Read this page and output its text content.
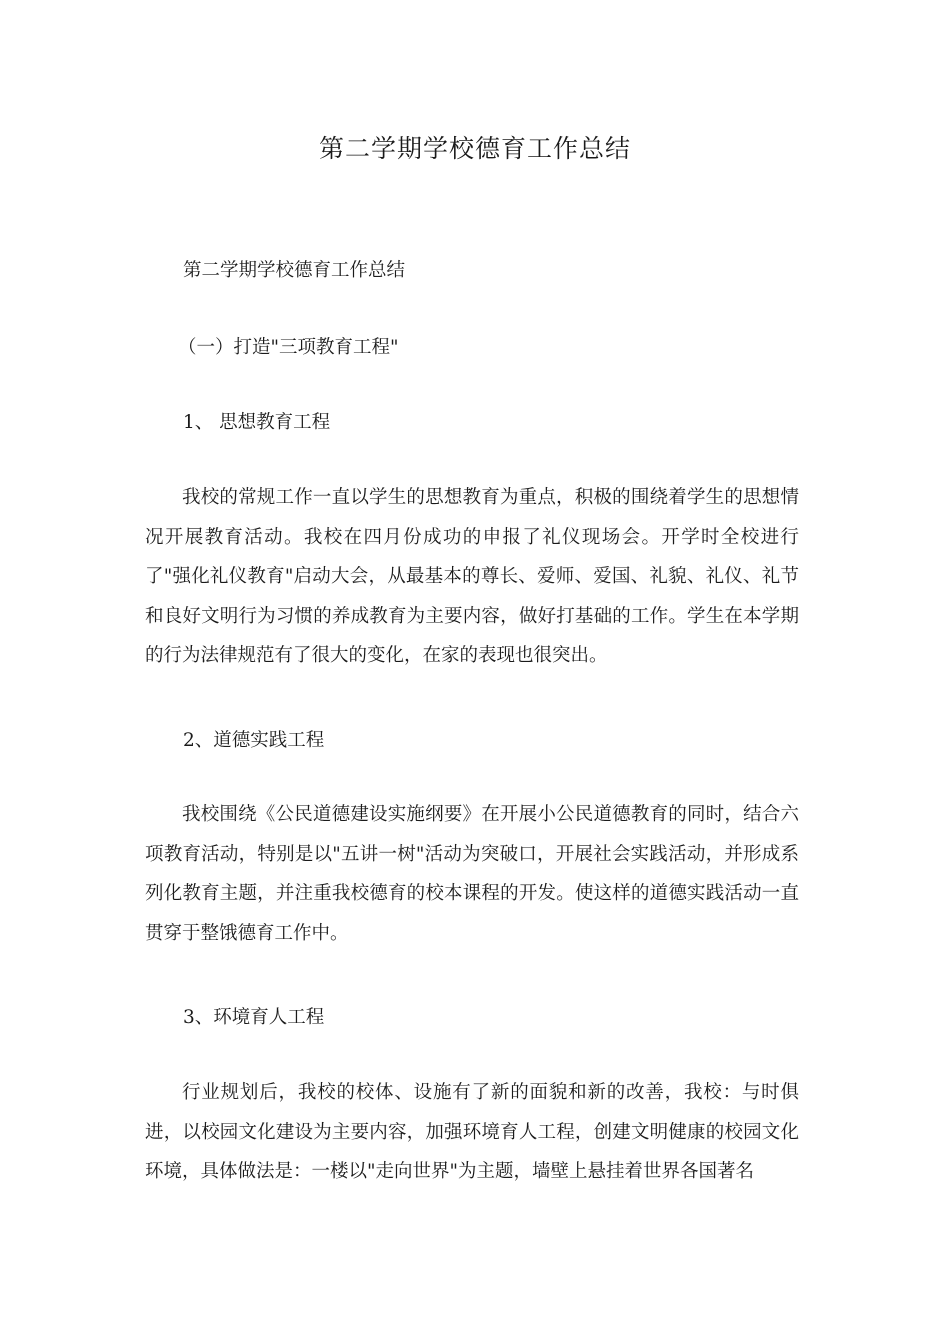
第二学期学校德育工作总结
第二学期学校德育工作总结
（一）打造"三项教育工程"
1、 思想教育工程

我校的常规工作一直以学生的思想教育为重点，积极的围绕着学生的思想情况开展教育活动。我校在四月份成功的申报了礼仪现场会。开学时全校进行了"强化礼仪教育"启动大会，从最基本的尊长、爱师、爱国、礼貌、礼仪、礼节和良好文明行为习惯的养成教育为主要内容，做好打基础的工作。学生在本学期的行为法律规范有了很大的变化，在家的表现也很突出。

2、道德实践工程

我校围绕《公民道德建设实施纲要》在开展小公民道德教育的同时，结合六项教育活动，特别是以"五讲一树"活动为突破口，开展社会实践活动，并形成系列化教育主题，并注重我校德育的校本课程的开发。使这样的道德实践活动一直贯穿于整饿德育工作中。

3、环境育人工程

行业规划后，我校的校体、设施有了新的面貌和新的改善，我校：与时俱进，以校园文化建设为主要内容，加强环境育人工程，创建文明健康的校园文化环境，具体做法是：一楼以"走向世界"为主题，墙壁上悬挂着世界各国著名
